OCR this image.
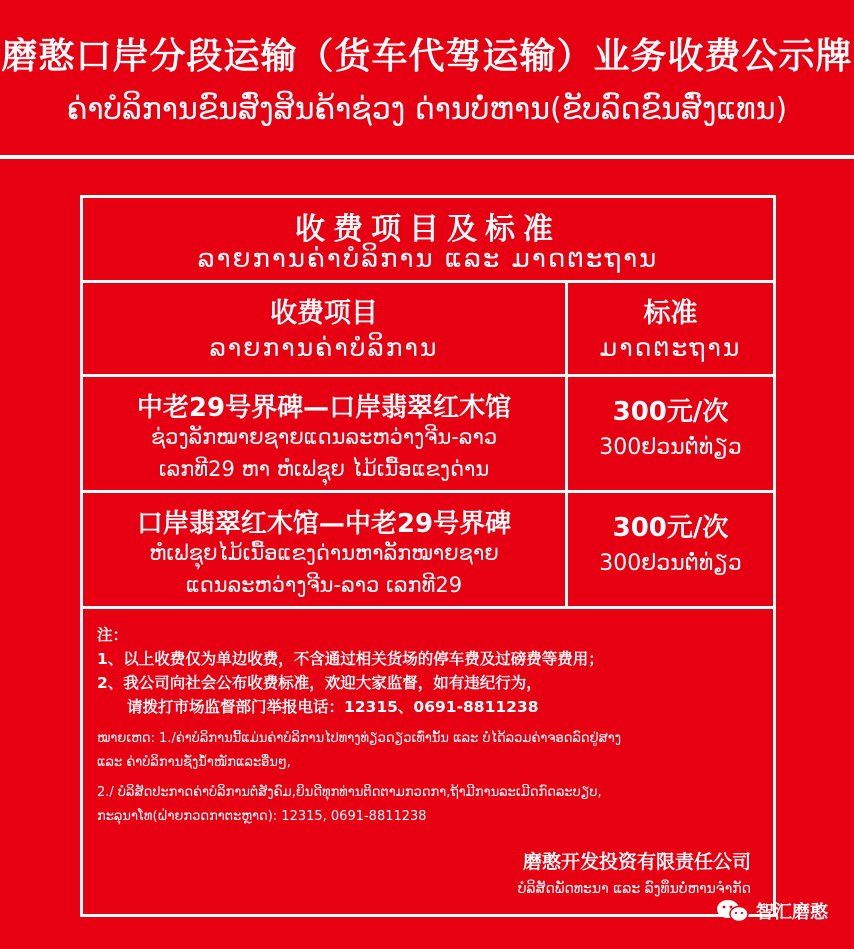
磨憨口岸分段运输（货车代驾运输）业务收费公示牌
ຄ່າບໍລິການຂົນສົ່ງສິນຄ້າຊ່ວງ ດ່ານບໍ່ຫານ(ຂັບລົດຂົນສົ່ງແທນ)
收费项目及标准
ລາຍການຄ່າບໍລິການ ແລະ ມາດຕະຖານ
收费项目
ລາຍການຄ່າບໍລິການ
标准
ມາດຕະຖານ
中老29号界碑—口岸翡翠红木馆
ຊ່ວງລັກໝາຍຊາຍແດນລະຫວ່າງຈີນ-ລາວ
ເລກທີ29 ຫາ ຫໍເຟຊຸຍ ໄມ້ເນື້ອແຂງດ່ານ
300元/次
300ຢວນຕໍ່ທ່ຽວ
口岸翡翠红木馆—中老29号界碑
ຫໍເຟຊຸຍໄມ້ເນື້ອແຂງດ່ານຫາລັກໝາຍຊາຍ
ແດນລະຫວ່າງຈີນ-ລາວ ເລກທີ29
300元/次
300ຢວນຕໍ່ທ່ຽວ
注：
1、以上收费仅为单边收费，不含通过相关货场的停车费及过磅费等费用；
2、我公司向社会公布收费标准，欢迎大家监督，如有违纪行为，
请拨打市场监督部门举报电话：12315、0691-8811238
ໝາຍເຫດ: 1./ຄ່າບໍລິການນີ້ແມ່ນຄ່າບໍລິການໄປທາງທ່ຽວດຽວເທົ່ານັ້ນ ແລະ ບໍ່ໄດ້ລວມຄ່າຈອດລົດຢູ່ສາງ
ແລະ ຄ່າບໍລິການຊັ່ງນ້ຳໜັກແລະອື່ນໆ,
2./ ບໍລິສັດປະກາດຄ່າບໍລິການຕໍ່ສັງຄົມ,ຍິນດີທຸກທ່ານຕິດຕາມກວດກາ,ຖ້າມີການລະເມີດກົດລະບຽບ,
ກະລຸນາໂທ(ຝ່າຍກວດກາຕະຫຼາດ): 12315, 0691-8811238
磨憨开发投资有限责任公司
ບໍລິສັດພັດທະນາ ແລະ ລົງທຶນບໍ່ຫານຈຳກັດ
智汇磨憨
